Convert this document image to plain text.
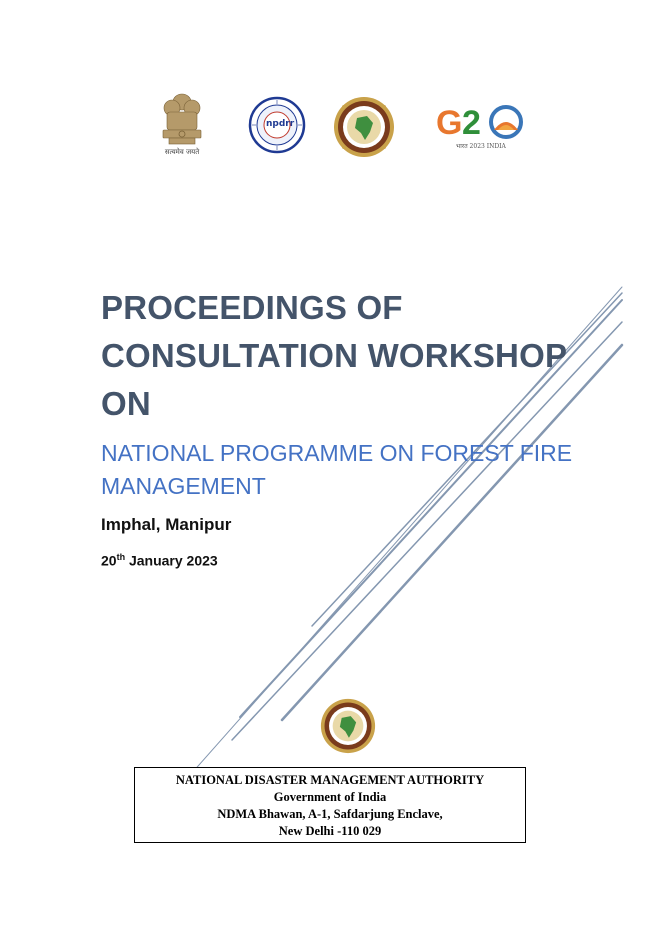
सत्यमेव जयते
npdrr	G 2
भारत 2023 INDIA
PROCEEDINGS OF
CONSULTATION WORKSHOP
ON
NATIONAL PROGRAMME ON FOREST FIRE
MANAGEMENT
Imphal, Manipur
20th January 2023
NATIONAL DISASTER MANAGEMENT AUTHORITY
Government of India
NDMA Bhawan, A-1, Safdarjung Enclave,
New Delhi -110 029
